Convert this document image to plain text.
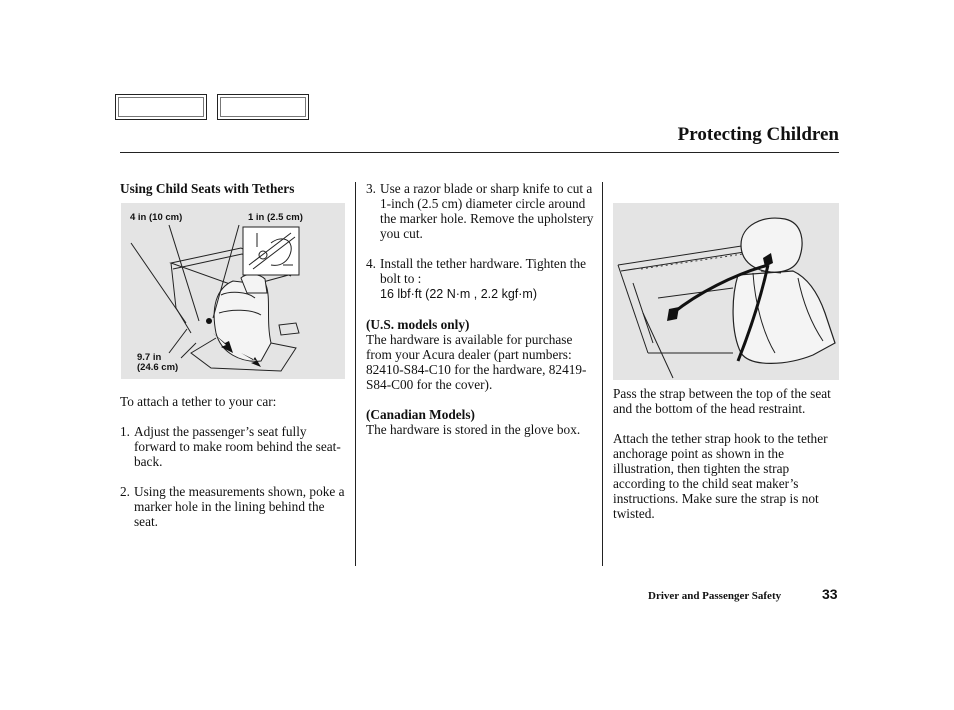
Protecting Children
Using Child Seats with Tethers
To attach a tether to your car:
1. Adjust the passenger’s seat fully forward to make room behind the seat-back.
2. Using the measurements shown, poke a marker hole in the lining behind the seat.
4 in (10 cm)	1 in (2.5 cm)
9.7 in
(24.6 cm)
3. Use a razor blade or sharp knife to cut a 1-inch (2.5 cm) diameter circle around the marker hole. Remove the upholstery you cut.
4. Install the tether hardware. Tighten the bolt to :
16 lbf·ft (22 N·m , 2.2 kgf·m)
(U.S. models only)
The hardware is available for purchase from your Acura dealer (part numbers: 82410-S84-C10 for the hardware, 82419-S84-C00 for the cover).
(Canadian Models)
The hardware is stored in the glove box.
Pass the strap between the top of the seat and the bottom of the head restraint.
Attach the tether strap hook to the tether anchorage point as shown in the illustration, then tighten the strap according to the child seat maker’s instructions. Make sure the strap is not twisted.
Driver and Passenger Safety	33
